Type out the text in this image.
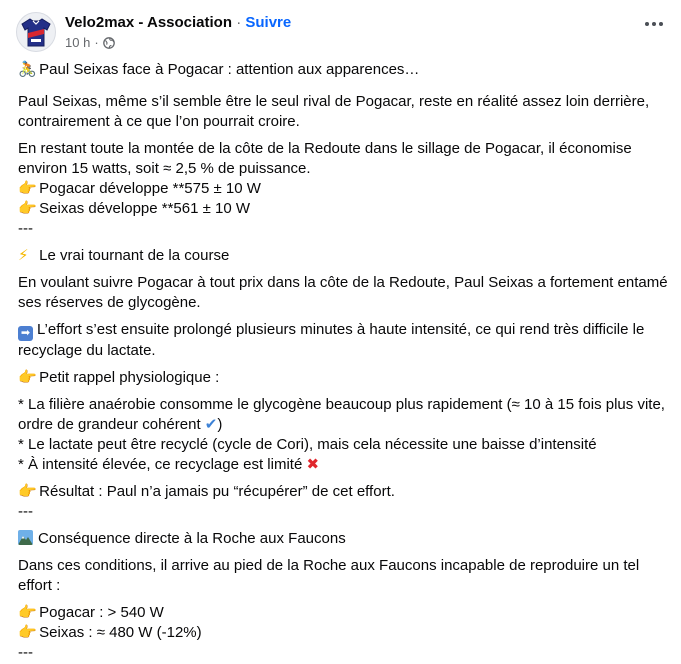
Velo2max - Association · Suivre
10 h ·

🚴 Paul Seixas face à Pogacar : attention aux apparences…

Paul Seixas, même s’il semble être le seul rival de Pogacar, reste en réalité assez loin derrière, contrairement à ce que l’on pourrait croire.

En restant toute la montée de la côte de la Redoute dans le sillage de Pogacar, il économise environ 15 watts, soit ≈ 2,5 % de puissance.

👉 Pogacar développe **575 ± 10 W

👉 Seixas développe **561 ± 10 W

---

⚡ Le vrai tournant de la course

En voulant suivre Pogacar à tout prix dans la côte de la Redoute, Paul Seixas a fortement entamé ses réserves de glycogène.

➡ L’effort s’est ensuite prolongé plusieurs minutes à haute intensité, ce qui rend très difficile le recyclage du lactate.

👉 Petit rappel physiologique :

* La filière anaérobie consomme le glycogène beaucoup plus rapidement (≈ 10 à 15 fois plus vite, ordre de grandeur cohérent ✔)

* Le lactate peut être recyclé (cycle de Cori), mais cela nécessite une baisse d’intensité

* À intensité élevée, ce recyclage est limité ✖

👉 Résultat : Paul n’a jamais pu “récupérer” de cet effort.

---

Conséquence directe à la Roche aux Faucons

Dans ces conditions, il arrive au pied de la Roche aux Faucons incapable de reproduire un tel effort :

👉 Pogacar : > 540 W

👉 Seixas : ≈ 480 W (-12%)

---
